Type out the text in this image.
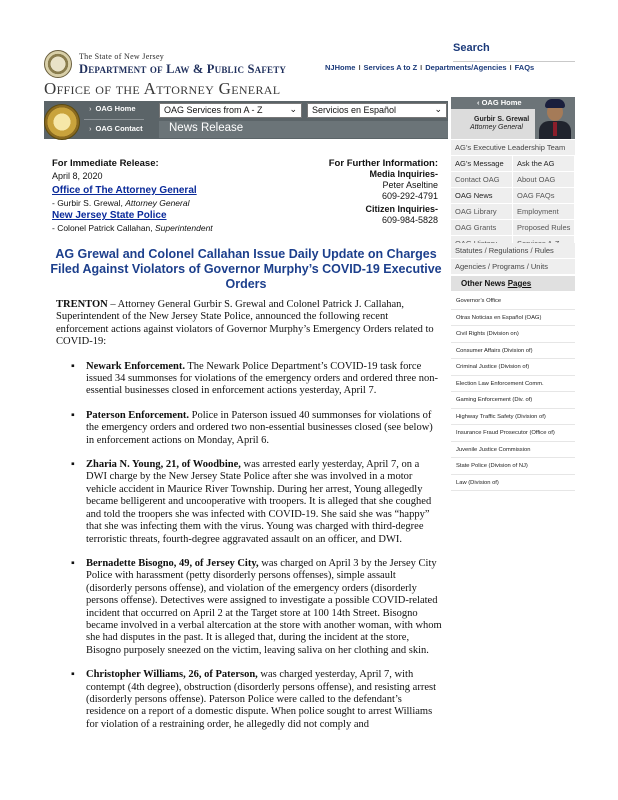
The State of New Jersey
Department of Law & Public Safety
Office of the Attorney General
Search
NJHome I Services A to Z I Departments/Agencies I FAQs
› OAG Home
› OAG Contact
OAG Services from A - Z	⌄	Servicios en Español	⌄
News Release
For Immediate Release:
April 8, 2020
Office of The Attorney General
- Gurbir S. Grewal, Attorney General
New Jersey State Police
- Colonel Patrick Callahan, Superintendent
For Further Information:
Media Inquiries-
Peter Aseltine
609-292-4791
Citizen Inquiries-
609-984-5828
AG Grewal and Colonel Callahan Issue Daily Update on Charges Filed Against Violators of Governor Murphy’s COVID-19 Executive Orders

TRENTON – Attorney General Gurbir S. Grewal and Colonel Patrick J. Callahan, Superintendent of the New Jersey State Police, announced the following recent enforcement actions against violators of Governor Murphy’s Emergency Orders related to COVID-19:

▪ Newark Enforcement. The Newark Police Department’s COVID-19 task force issued 34 summonses for violations of the emergency orders and ordered three non-essential businesses closed in enforcement actions yesterday, April 7.
▪ Paterson Enforcement. Police in Paterson issued 40 summonses for violations of the emergency orders and ordered two non-essential businesses closed (see below) in enforcement actions on Monday, April 6.
▪ Zharia N. Young, 21, of Woodbine, was arrested early yesterday, April 7, on a DWI charge by the New Jersey State Police after she was involved in a motor vehicle accident in Maurice River Township. During her arrest, Young allegedly became belligerent and uncooperative with troopers. It is alleged that she coughed and told the troopers she was infected with COVID-19. She said she was “happy” that she was infecting them with the virus. Young was charged with third-degree terroristic threats, fourth-degree aggravated assault on an officer, and DWI.
▪ Bernadette Bisogno, 49, of Jersey City, was charged on April 3 by the Jersey City Police with harassment (petty disorderly persons offenses), simple assault (disorderly persons offense), and violation of the emergency orders (disorderly persons offense). Detectives were assigned to investigate a possible COVID-related incident that occurred on April 2 at the Target store at 100 14th Street. Bisogno became involved in a verbal altercation at the store with another woman, with whom she had disputes in the past. It is alleged that, during the incident at the store, Bisogno purposely sneezed on the victim, leaving saliva on her clothing and skin.
▪ Christopher Williams, 26, of Paterson, was charged yesterday, April 7, with contempt (4th degree), obstruction (disorderly persons offense), and resisting arrest (disorderly persons offense). Paterson Police were called to the defendant’s residence on a report of a domestic dispute. When police sought to arrest Williams for violation of a restraining order, he allegedly did not comply and
‹ OAG Home
Gurbir S. Grewal
Attorney General
AG’s Executive Leadership Team
AG’s Message	Ask the AG
Contact OAG	About OAG
OAG News	OAG FAQs
OAG Library	Employment
OAG Grants	Proposed Rules
Statutes / Regulations / Rules
Agencies / Programs / Units
Other News Pages
Governor’s Office
Otras Noticias en Español (OAG)
Civil Rights (Division on)
Consumer Affairs (Division of)
Criminal Justice (Division of)
Election Law Enforcement Comm.
Gaming Enforcement (Div. of)
Highway Traffic Safety (Division of)
Insurance Fraud Prosecutor (Office of)
Juvenile Justice Commission
State Police (Division of NJ)
Law (Division of)
